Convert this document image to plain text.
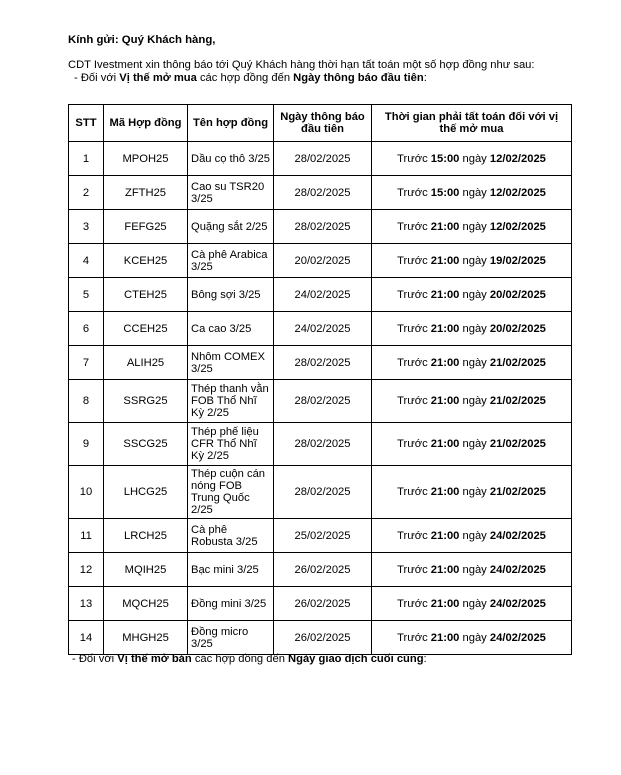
Kính gửi: Quý Khách hàng,
CDT Ivestment xin thông báo tới Quý Khách hàng thời hạn tất toán một số hợp đồng như sau:
- Đối với Vị thế mở mua các hợp đồng đến Ngày thông báo đầu tiên:
STT	Mã Hợp đồng	Tên hợp đồng	Ngày thông báo đầu tiên	Thời gian phải tất toán đối với vị thế mở mua
1	MPOH25	Dầu cọ thô 3/25	28/02/2025	Trước 15:00 ngày 12/02/2025
2	ZFTH25	Cao su TSR20 3/25	28/02/2025	Trước 15:00 ngày 12/02/2025
3	FEFG25	Quặng sắt 2/25	28/02/2025	Trước 21:00 ngày 12/02/2025
4	KCEH25	Cà phê Arabica 3/25	20/02/2025	Trước 21:00 ngày 19/02/2025
5	CTEH25	Bông sợi 3/25	24/02/2025	Trước 21:00 ngày 20/02/2025
6	CCEH25	Ca cao 3/25	24/02/2025	Trước 21:00 ngày 20/02/2025
7	ALIH25	Nhôm COMEX 3/25	28/02/2025	Trước 21:00 ngày 21/02/2025
8	SSRG25	Thép thanh vằn FOB Thổ Nhĩ Kỳ 2/25	28/02/2025	Trước 21:00 ngày 21/02/2025
9	SSCG25	Thép phế liệu CFR Thổ Nhĩ Kỳ 2/25	28/02/2025	Trước 21:00 ngày 21/02/2025
10	LHCG25	Thép cuộn cán nóng FOB Trung Quốc 2/25	28/02/2025	Trước 21:00 ngày 21/02/2025
11	LRCH25	Cà phê Robusta 3/25	25/02/2025	Trước 21:00 ngày 24/02/2025
12	MQIH25	Bạc mini 3/25	26/02/2025	Trước 21:00 ngày 24/02/2025
13	MQCH25	Đồng mini 3/25	26/02/2025	Trước 21:00 ngày 24/02/2025
14	MHGH25	Đồng micro 3/25	26/02/2025	Trước 21:00 ngày 24/02/2025
- Đối với Vị thế mở bán các hợp đồng đến Ngày giao dịch cuối cùng:
